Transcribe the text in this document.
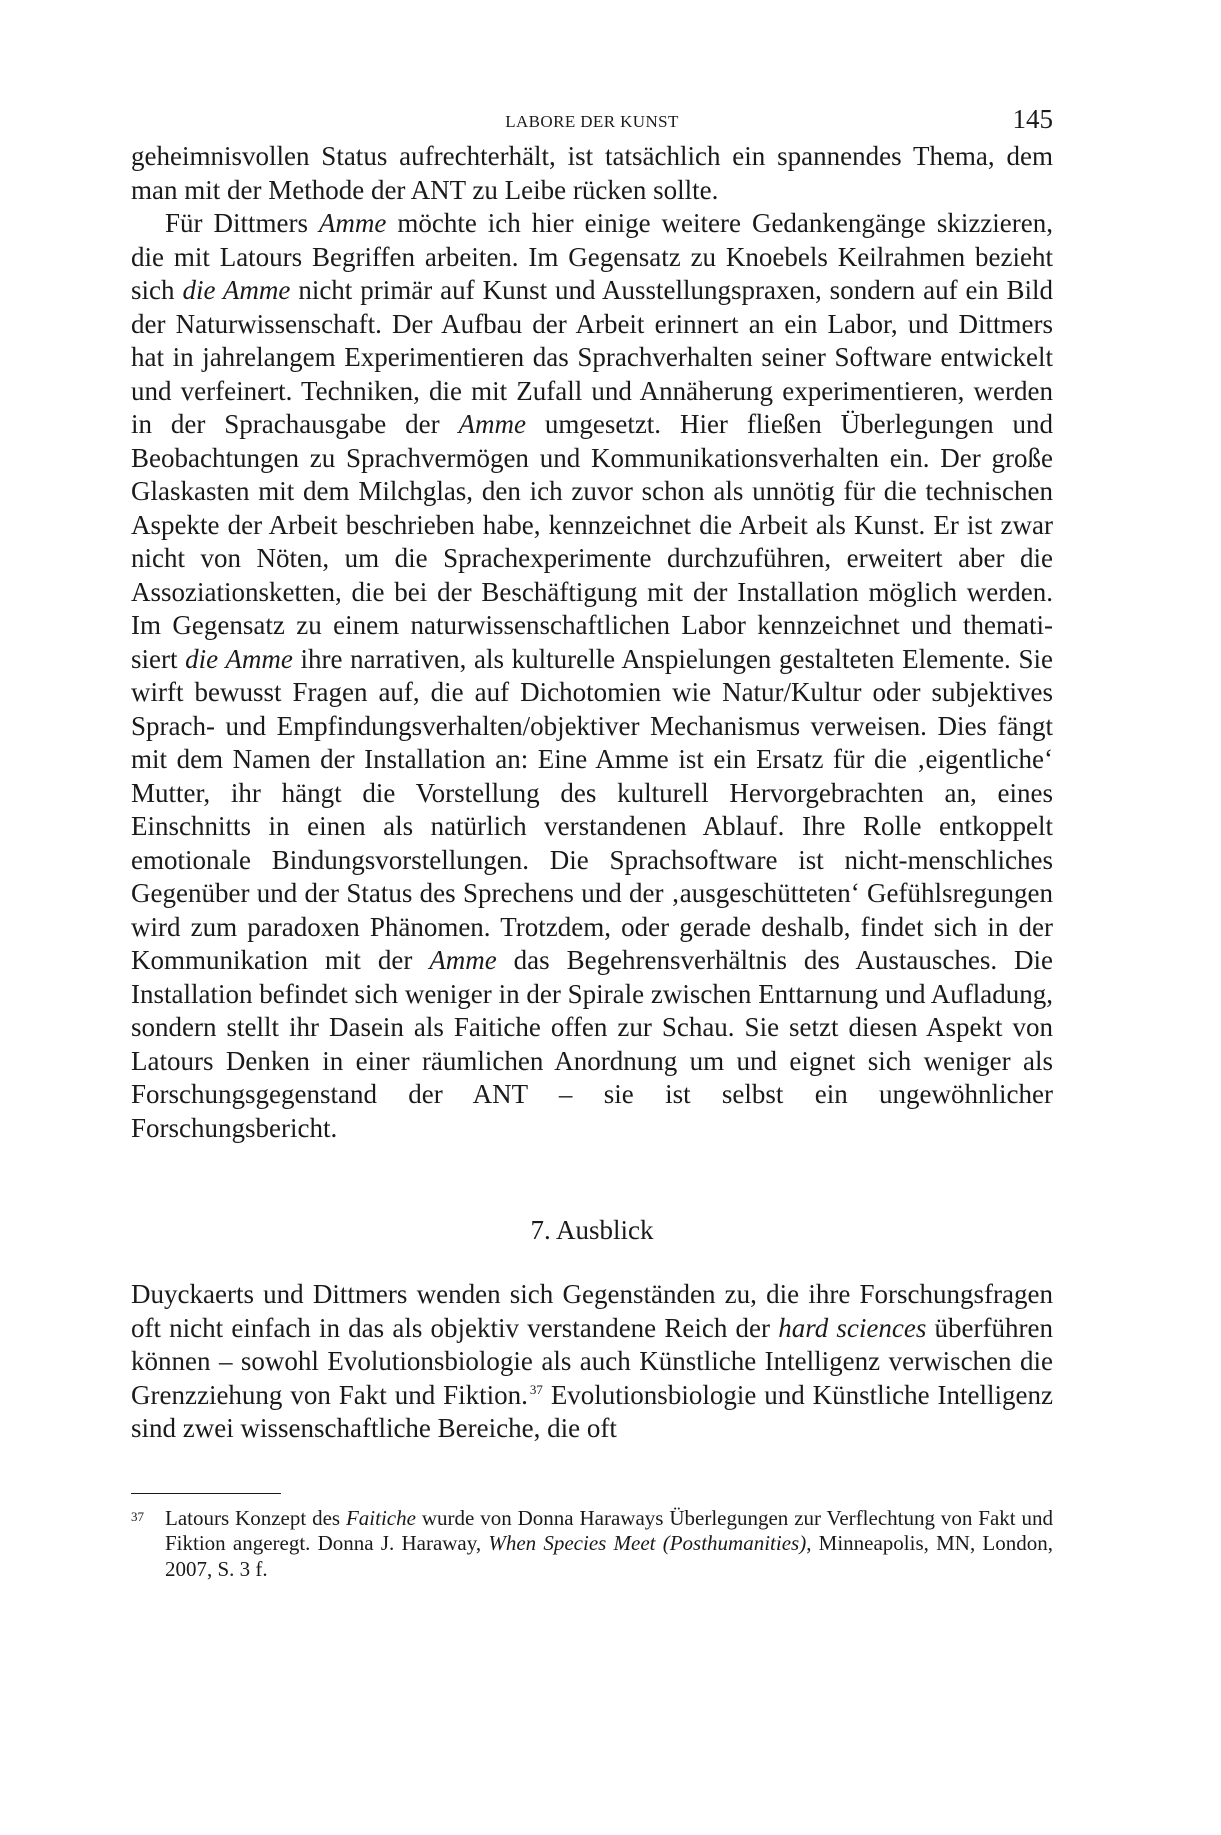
LABORE DER KUNST	145

geheimnisvollen Status aufrechterhält, ist tatsächlich ein spannendes Thema, dem man mit der Methode der ANT zu Leibe rücken sollte.

Für Dittmers Amme möchte ich hier einige weitere Gedankengänge skizzieren, die mit Latours Begriffen arbeiten. Im Gegensatz zu Knoebels Keilrahmen bezieht sich die Amme nicht primär auf Kunst und Ausstellungspraxen, sondern auf ein Bild der Naturwissenschaft. Der Aufbau der Arbeit erinnert an ein Labor, und Dittmers hat in jahrelangem Experimentieren das Sprachverhalten seiner Software entwickelt und verfeinert. Techniken, die mit Zufall und Annäherung experimentieren, werden in der Sprachausgabe der Amme umgesetzt. Hier fließen Überlegungen und Beobachtungen zu Sprachvermögen und Kommunikationsverhalten ein. Der große Glaskasten mit dem Milchglas, den ich zuvor schon als unnötig für die technischen Aspekte der Arbeit beschrieben habe, kennzeichnet die Arbeit als Kunst. Er ist zwar nicht von Nöten, um die Sprachexperimente durchzuführen, erweitert aber die Assoziationsketten, die bei der Beschäftigung mit der Installation möglich werden. Im Gegensatz zu einem naturwissenschaftlichen Labor kennzeichnet und thematisiert die Amme ihre narrativen, als kulturelle Anspielungen gestalteten Elemente. Sie wirft bewusst Fragen auf, die auf Dichotomien wie Natur/Kultur oder subjektives Sprach- und Empfindungsverhalten/objektiver Mechanismus verweisen. Dies fängt mit dem Namen der Installation an: Eine Amme ist ein Ersatz für die ‚eigentliche‘ Mutter, ihr hängt die Vorstellung des kulturell Hervorgebrachten an, eines Einschnitts in einen als natürlich verstandenen Ablauf. Ihre Rolle entkoppelt emotionale Bindungsvorstellungen. Die Sprachsoftware ist nicht-menschliches Gegenüber und der Status des Sprechens und der ‚ausgeschütteten‘ Gefühlsregungen wird zum paradoxen Phänomen. Trotzdem, oder gerade deshalb, findet sich in der Kommunikation mit der Amme das Begehrensverhältnis des Austausches. Die Installation befindet sich weniger in der Spirale zwischen Enttarnung und Aufladung, sondern stellt ihr Dasein als Faitiche offen zur Schau. Sie setzt diesen Aspekt von Latours Denken in einer räumlichen Anordnung um und eignet sich weniger als Forschungsgegenstand der ANT – sie ist selbst ein ungewöhnlicher Forschungsbericht.

7. Ausblick

Duyckaerts und Dittmers wenden sich Gegenständen zu, die ihre Forschungsfragen oft nicht einfach in das als objektiv verstandene Reich der hard sciences überführen können – sowohl Evolutionsbiologie als auch Künstliche Intelligenz verwischen die Grenzziehung von Fakt und Fiktion. $^{37}$ Evolutionsbiologie und Künstliche Intelligenz sind zwei wissenschaftliche Bereiche, die oft

37 Latours Konzept des Faitiche wurde von Donna Haraways Überlegungen zur Verflechtung von Fakt und Fiktion angeregt. Donna J. Haraway, When Species Meet (Posthumanities), Minneapolis, MN, London, 2007, S. 3 f.
